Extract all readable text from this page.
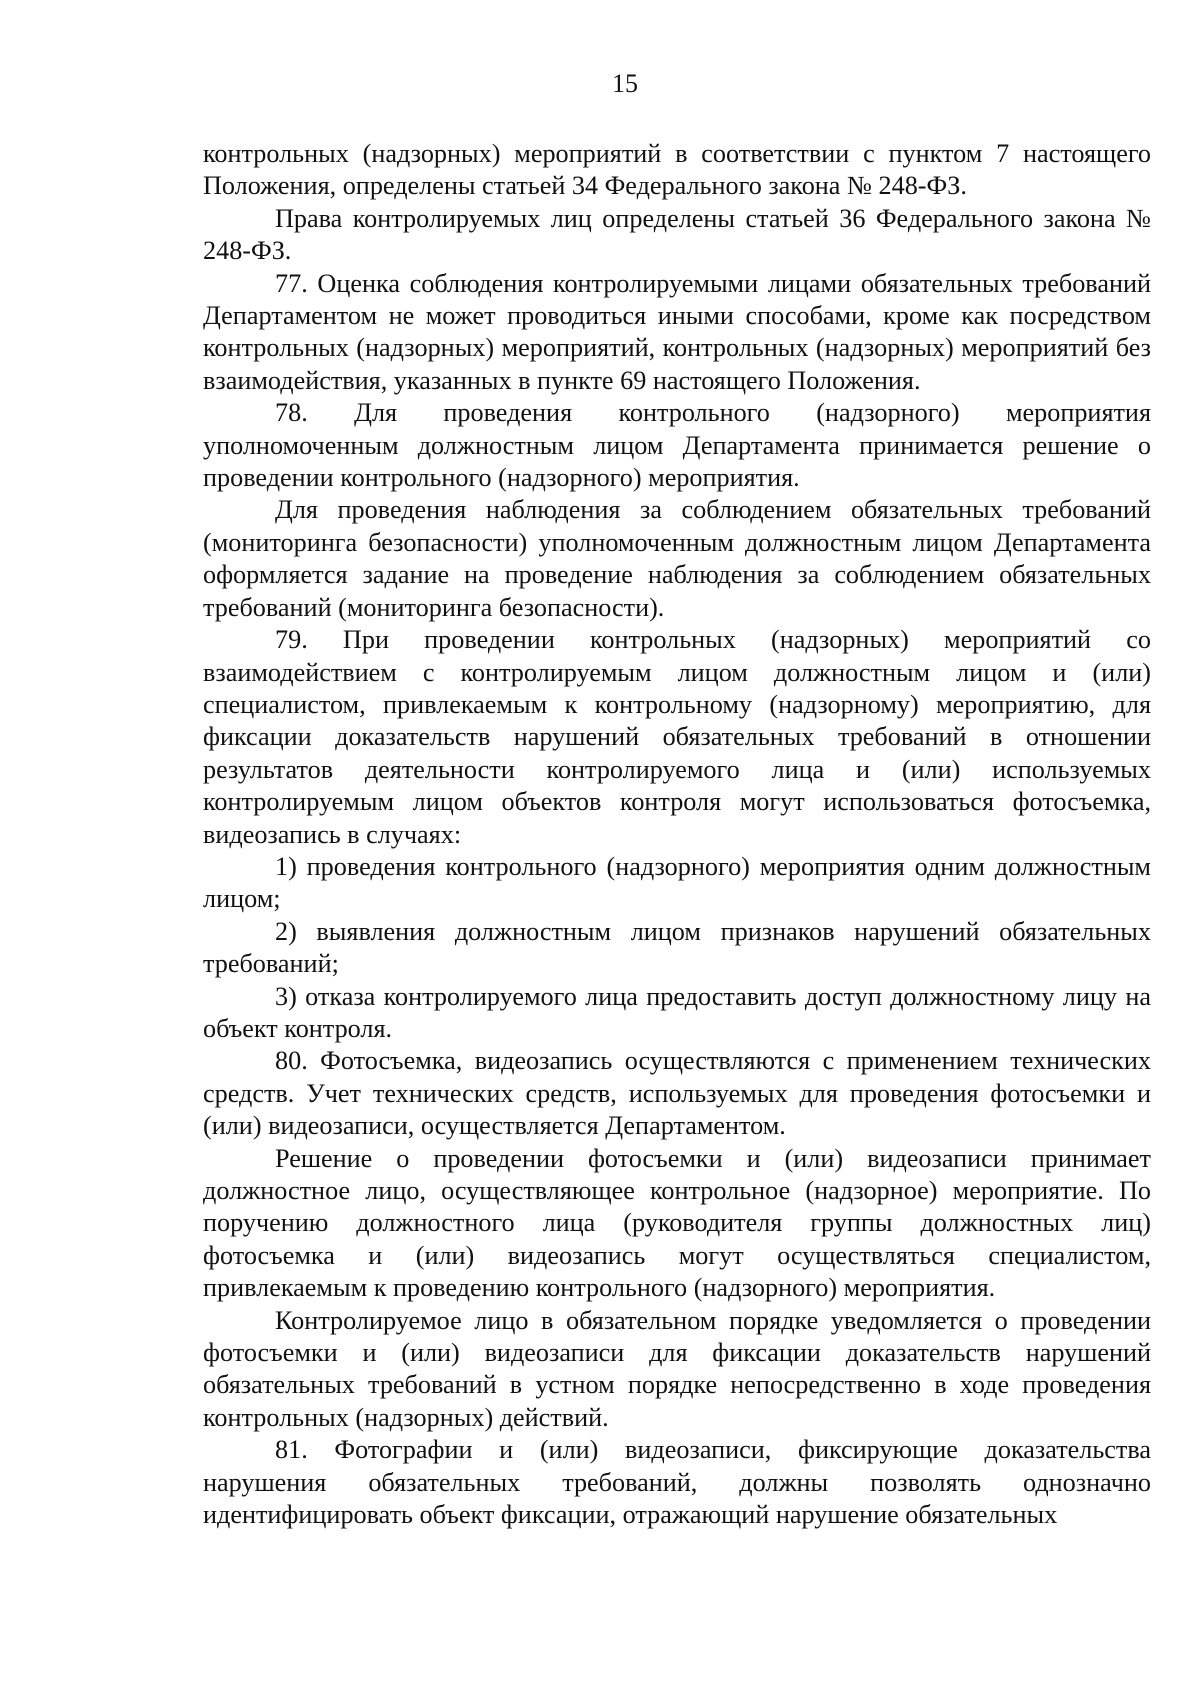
15

контрольных (надзорных) мероприятий в соответствии с пунктом 7 настоящего Положения, определены статьей 34 Федерального закона № 248-ФЗ.

Права контролируемых лиц определены статьей 36 Федерального закона № 248-ФЗ.

77. Оценка соблюдения контролируемыми лицами обязательных требований Департаментом не может проводиться иными способами, кроме как посредством контрольных (надзорных) мероприятий, контрольных (надзорных) мероприятий без взаимодействия, указанных в пункте 69 настоящего Положения.

78. Для проведения контрольного (надзорного) мероприятия уполномоченным должностным лицом Департамента принимается решение о проведении контрольного (надзорного) мероприятия.

Для проведения наблюдения за соблюдением обязательных требований (мониторинга безопасности) уполномоченным должностным лицом Департамента оформляется задание на проведение наблюдения за соблюдением обязательных требований (мониторинга безопасности).

79. При проведении контрольных (надзорных) мероприятий со взаимодействием с контролируемым лицом должностным лицом и (или) специалистом, привлекаемым к контрольному (надзорному) мероприятию, для фиксации доказательств нарушений обязательных требований в отношении результатов деятельности контролируемого лица и (или) используемых контролируемым лицом объектов контроля могут использоваться фотосъемка, видеозапись в случаях:

1) проведения контрольного (надзорного) мероприятия одним должностным лицом;

2) выявления должностным лицом признаков нарушений обязательных требований;

3) отказа контролируемого лица предоставить доступ должностному лицу на объект контроля.

80. Фотосъемка, видеозапись осуществляются с применением технических средств. Учет технических средств, используемых для проведения фотосъемки и (или) видеозаписи, осуществляется Департаментом.

Решение о проведении фотосъемки и (или) видеозаписи принимает должностное лицо, осуществляющее контрольное (надзорное) мероприятие. По поручению должностного лица (руководителя группы должностных лиц) фотосъемка и (или) видеозапись могут осуществляться специалистом, привлекаемым к проведению контрольного (надзорного) мероприятия.

Контролируемое лицо в обязательном порядке уведомляется о проведении фотосъемки и (или) видеозаписи для фиксации доказательств нарушений обязательных требований в устном порядке непосредственно в ходе проведения контрольных (надзорных) действий.

81. Фотографии и (или) видеозаписи, фиксирующие доказательства нарушения обязательных требований, должны позволять однозначно идентифицировать объект фиксации, отражающий нарушение обязательных
